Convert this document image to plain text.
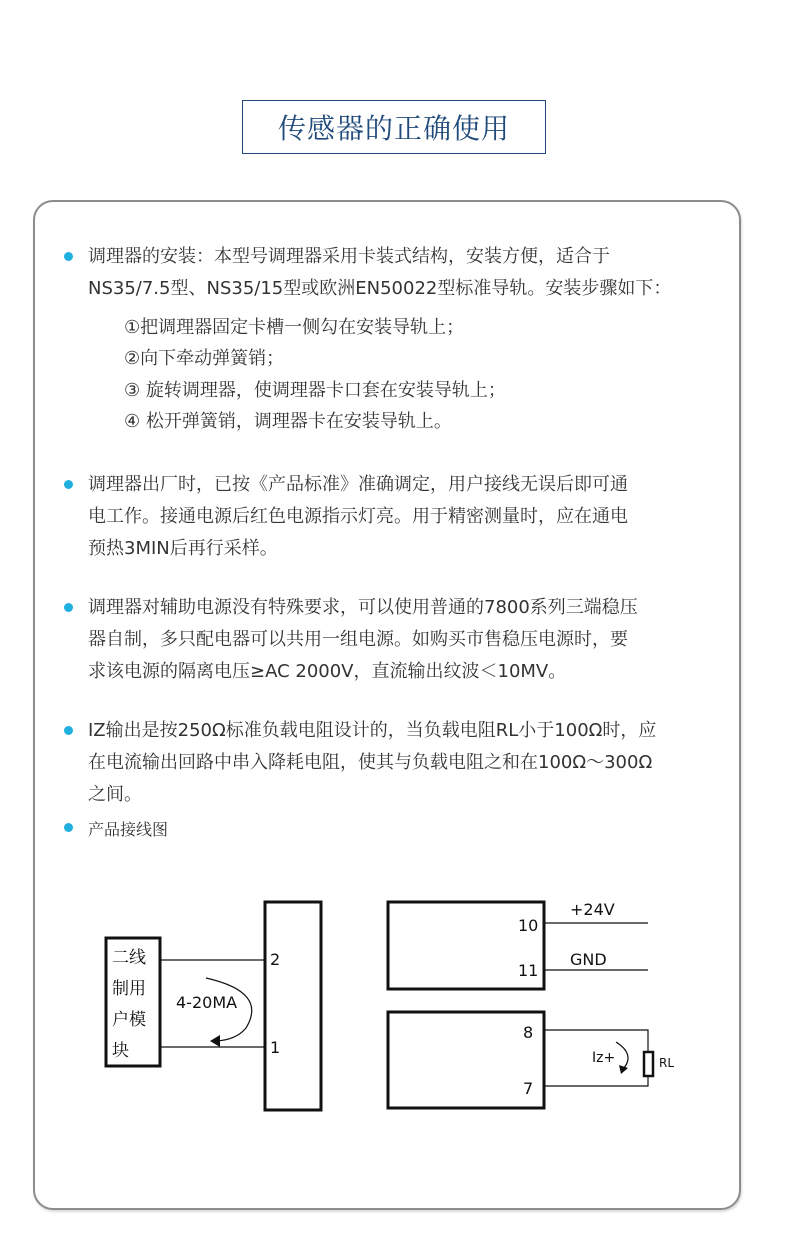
传感器的正确使用
调理器的安装：本型号调理器采用卡装式结构，安装方便，适合于
NS35/7.5型、NS35/15型或欧洲EN50022型标准导轨。安装步骤如下：
①把调理器固定卡槽一侧勾在安装导轨上；
②向下牵动弹簧销；
③ 旋转调理器，使调理器卡口套在安装导轨上；
④ 松开弹簧销，调理器卡在安装导轨上。
调理器出厂时，已按《产品标准》准确调定，用户接线无误后即可通
电工作。接通电源后红色电源指示灯亮。用于精密测量时，应在通电
预热3MIN后再行采样。
调理器对辅助电源没有特殊要求，可以使用普通的7800系列三端稳压
器自制，多只配电器可以共用一组电源。如购买市售稳压电源时，要
求该电源的隔离电压≥AC 2000V，直流输出纹波＜10MV。
IZ输出是按250Ω标准负载电阻设计的，当负载电阻RL小于100Ω时，应
在电流输出回路中串入降耗电阻，使其与负载电阻之和在100Ω～300Ω
之间。
产品接线图
二线
制用
户模
块
2
1
4-20MA
10
11
+24V
GND
8
7
Iz+	RL
